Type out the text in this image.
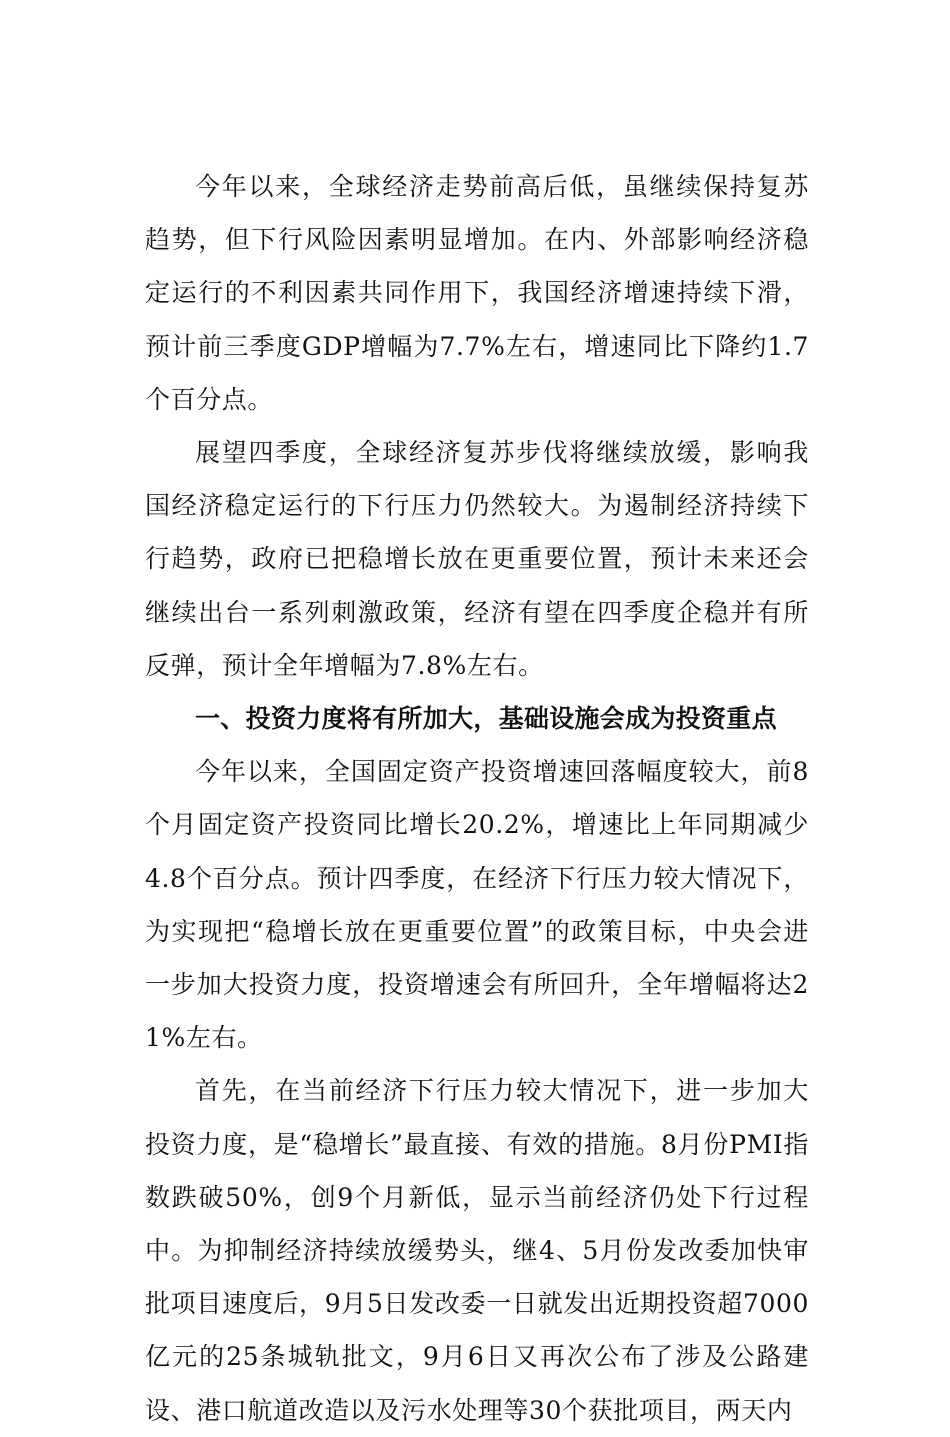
今年以来，全球经济走势前高后低，虽继续保持复苏趋势，但下行风险因素明显增加。在内、外部影响经济稳定运行的不利因素共同作用下，我国经济增速持续下滑，预计前三季度GDP增幅为7.7%左右，增速同比下降约1.7个百分点。

展望四季度，全球经济复苏步伐将继续放缓，影响我国经济稳定运行的下行压力仍然较大。为遏制经济持续下行趋势，政府已把稳增长放在更重要位置，预计未来还会继续出台一系列刺激政策，经济有望在四季度企稳并有所反弹，预计全年增幅为7.8%左右。

一、投资力度将有所加大，基础设施会成为投资重点

今年以来，全国固定资产投资增速回落幅度较大，前8个月固定资产投资同比增长20.2%，增速比上年同期减少4.8个百分点。预计四季度，在经济下行压力较大情况下，为实现把“稳增长放在更重要位置”的政策目标，中央会进一步加大投资力度，投资增速会有所回升，全年增幅将达21%左右。

首先，在当前经济下行压力较大情况下，进一步加大投资力度，是“稳增长”最直接、有效的措施。8月份PMI指数跌破50%，创9个月新低，显示当前经济仍处下行过程中。为抑制经济持续放缓势头，继4、5月份发改委加快审批项目速度后，9月5日发改委一日就发出近期投资超7000亿元的25条城轨批文，9月6日又再次公布了涉及公路建设、港口航道改造以及污水处理等30个获批项目，两天内
